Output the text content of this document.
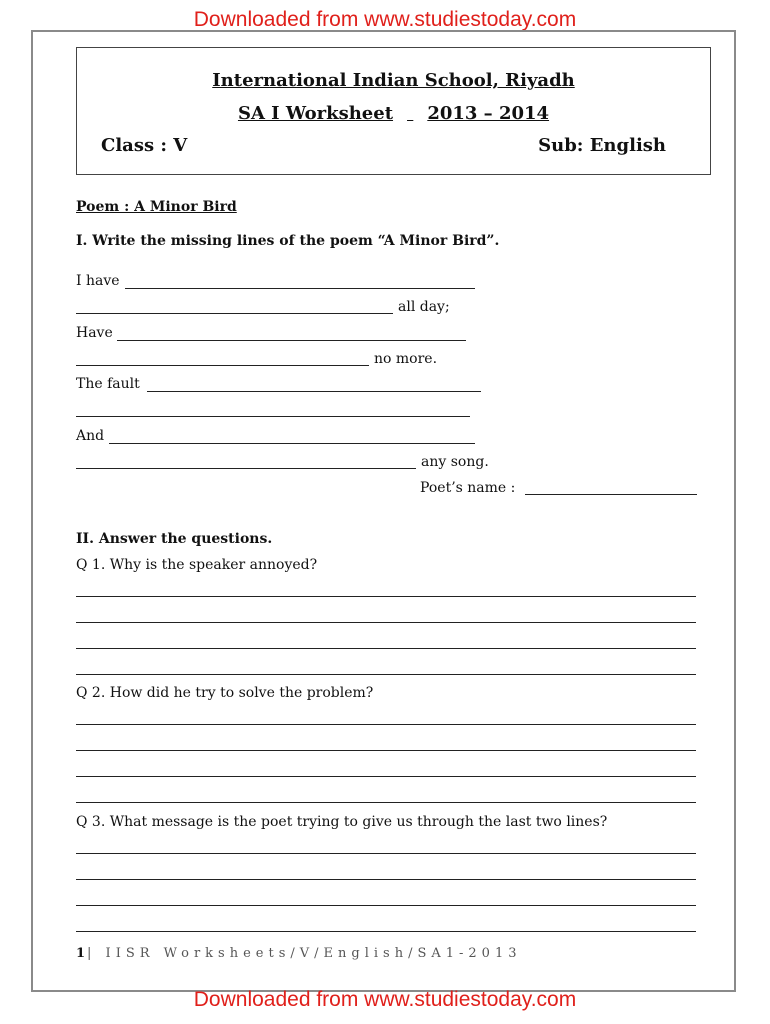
Downloaded from www.studiestoday.com
International Indian School, Riyadh
SA I Worksheet 2013 – 2014
Class : V	Sub: English
Poem : A Minor Bird
I. Write the missing lines of the poem “A Minor Bird”.
I have
all day;
Have
no more.
The fault
And
any song.
Poet’s name :
II. Answer the questions.
Q 1. Why is the speaker annoyed?
Q 2. How did he try to solve the problem?
Q 3. What message is the poet trying to give us through the last two lines?
1| IISR Worksheets/V/English/SA1-2013
Downloaded from www.studiestoday.com
